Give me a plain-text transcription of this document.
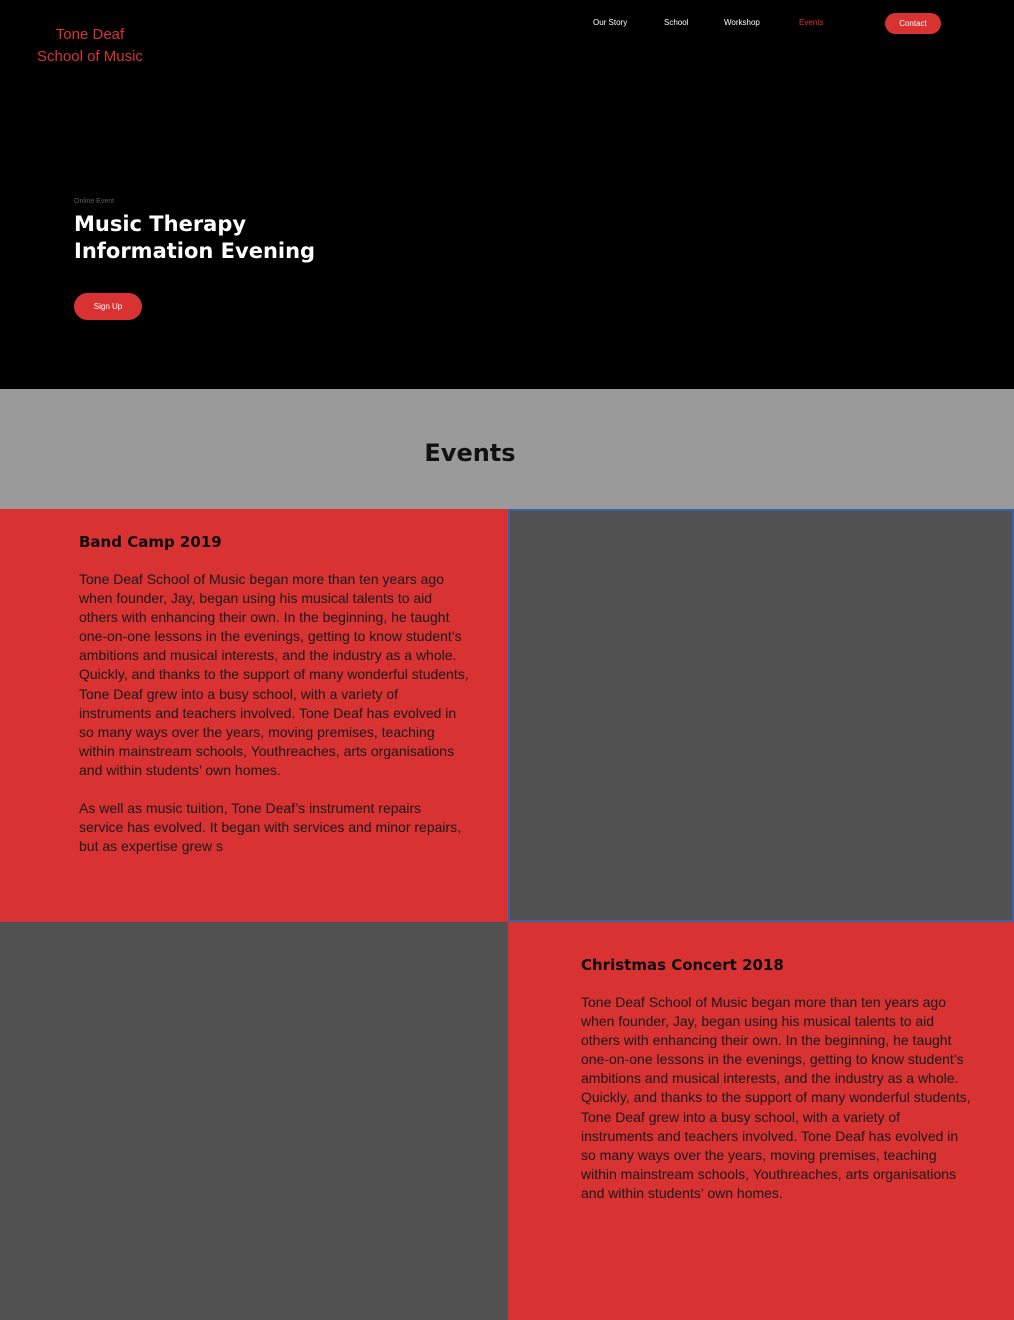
Tone Deaf
School of Music
Our Story	School	Workshop	Events	Contact
Online Event
Music Therapy
Information Evening
Sign Up
Events
Band Camp 2019

Tone Deaf School of Music began more than ten years ago when founder, Jay, began using his musical talents to aid others with enhancing their own. In the beginning, he taught one-on-one lessons in the evenings, getting to know student’s ambitions and musical interests, and the industry as a whole. Quickly, and thanks to the support of many wonderful students, Tone Deaf grew into a busy school, with a variety of instruments and teachers involved. Tone Deaf has evolved in so many ways over the years, moving premises, teaching within mainstream schools, Youthreaches, arts organisations and within students’ own homes.

As well as music tuition, Tone Deaf’s instrument repairs service has evolved. It began with services and minor repairs, but as expertise grew s

Christmas Concert 2018

Tone Deaf School of Music began more than ten years ago when founder, Jay, began using his musical talents to aid others with enhancing their own. In the beginning, he taught one-on-one lessons in the evenings, getting to know student’s ambitions and musical interests, and the industry as a whole. Quickly, and thanks to the support of many wonderful students, Tone Deaf grew into a busy school, with a variety of instruments and teachers involved. Tone Deaf has evolved in so many ways over the years, moving premises, teaching within mainstream schools, Youthreaches, arts organisations and within students’ own homes.
